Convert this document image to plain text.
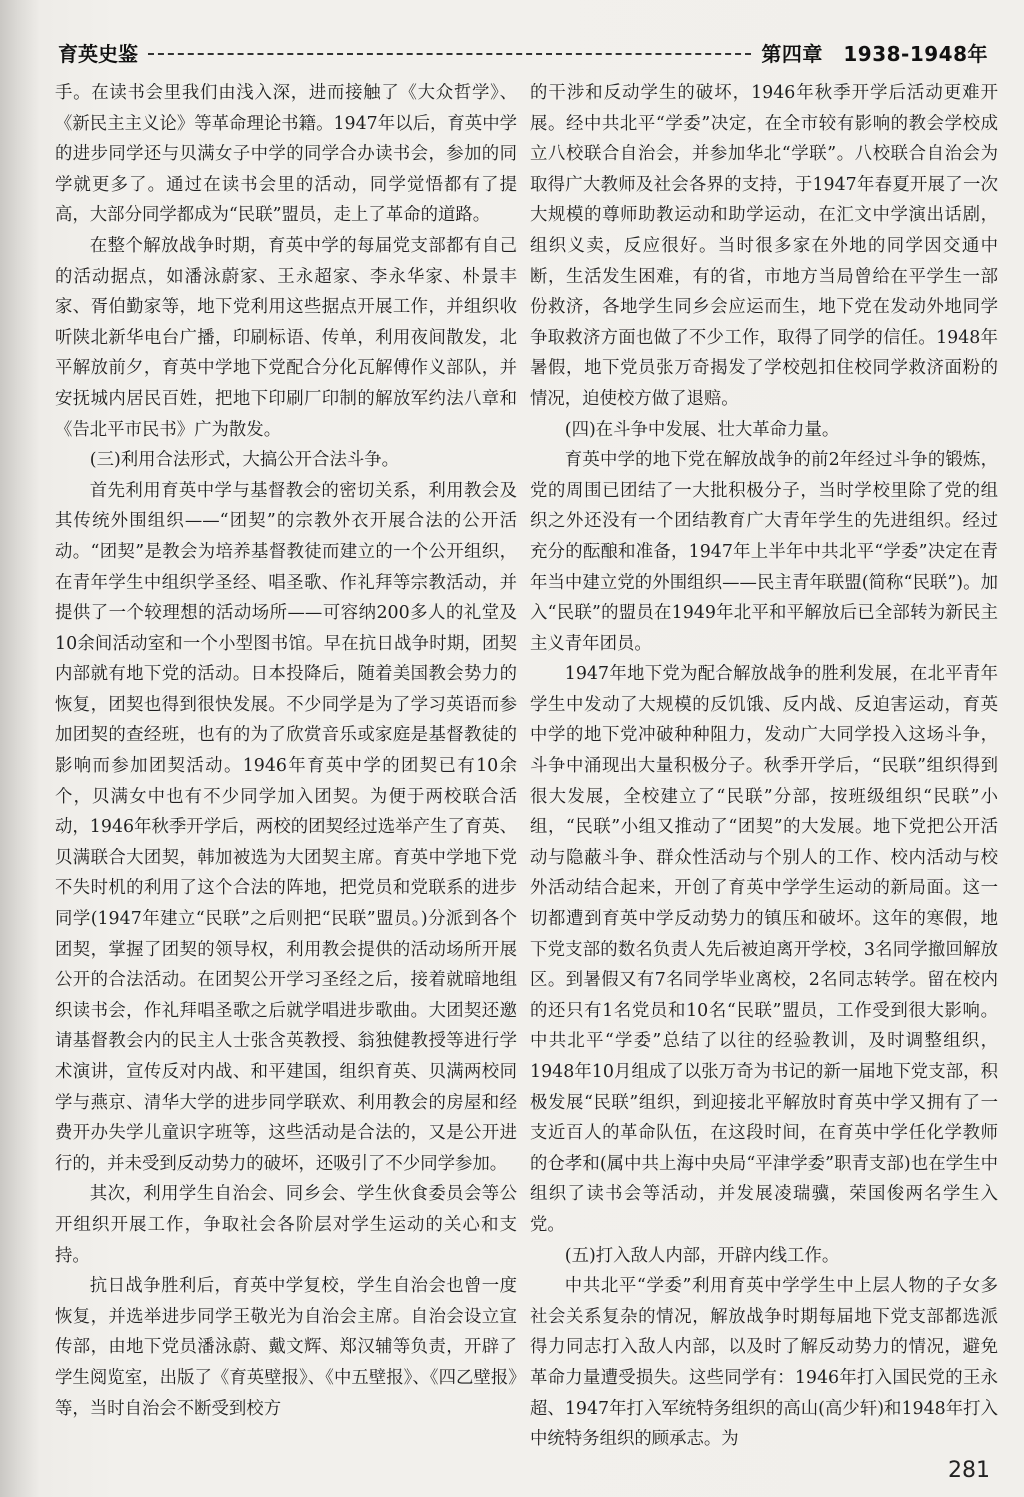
育英史鉴	第四章　1938-1948年

手。在读书会里我们由浅入深，进而接触了《大众哲学》、《新民主主义论》等革命理论书籍。1947年以后，育英中学的进步同学还与贝满女子中学的同学合办读书会，参加的同学就更多了。通过在读书会里的活动，同学觉悟都有了提高，大部分同学都成为“民联”盟员，走上了革命的道路。

在整个解放战争时期，育英中学的每届党支部都有自己的活动据点，如潘泳蔚家、王永超家、李永华家、朴景丰家、胥伯勤家等，地下党利用这些据点开展工作，并组织收听陕北新华电台广播，印刷标语、传单，利用夜间散发，北平解放前夕，育英中学地下党配合分化瓦解傅作义部队，并安抚城内居民百姓，把地下印刷厂印制的解放军约法八章和《告北平市民书》广为散发。

(三)利用合法形式，大搞公开合法斗争。

首先利用育英中学与基督教会的密切关系，利用教会及其传统外围组织——“团契”的宗教外衣开展合法的公开活动。“团契”是教会为培养基督教徒而建立的一个公开组织，在青年学生中组织学圣经、唱圣歌、作礼拜等宗教活动，并提供了一个较理想的活动场所——可容纳200多人的礼堂及10余间活动室和一个小型图书馆。早在抗日战争时期，团契内部就有地下党的活动。日本投降后，随着美国教会势力的恢复，团契也得到很快发展。不少同学是为了学习英语而参加团契的查经班，也有的为了欣赏音乐或家庭是基督教徒的影响而参加团契活动。1946年育英中学的团契已有10余个，贝满女中也有不少同学加入团契。为便于两校联合活动，1946年秋季开学后，两校的团契经过选举产生了育英、贝满联合大团契，韩加被选为大团契主席。育英中学地下党不失时机的利用了这个合法的阵地，把党员和党联系的进步同学(1947年建立“民联”之后则把“民联”盟员。)分派到各个团契，掌握了团契的领导权，利用教会提供的活动场所开展公开的合法活动。在团契公开学习圣经之后，接着就暗地组织读书会，作礼拜唱圣歌之后就学唱进步歌曲。大团契还邀请基督教会内的民主人士张含英教授、翁独健教授等进行学术演讲，宣传反对内战、和平建国，组织育英、贝满两校同学与燕京、清华大学的进步同学联欢、利用教会的房屋和经费开办失学儿童识字班等，这些活动是合法的，又是公开进行的，并未受到反动势力的破坏，还吸引了不少同学参加。

其次，利用学生自治会、同乡会、学生伙食委员会等公开组织开展工作，争取社会各阶层对学生运动的关心和支持。

抗日战争胜利后，育英中学复校，学生自治会也曾一度恢复，并选举进步同学王敬光为自治会主席。自治会设立宣传部，由地下党员潘泳蔚、戴文辉、郑汉辅等负责，开辟了学生阅览室，出版了《育英壁报》、《中五壁报》、《四乙壁报》等，当时自治会不断受到校方

的干涉和反动学生的破坏，1946年秋季开学后活动更难开展。经中共北平“学委”决定，在全市较有影响的教会学校成立八校联合自治会，并参加华北“学联”。八校联合自治会为取得广大教师及社会各界的支持，于1947年春夏开展了一次大规模的尊师助教运动和助学运动，在汇文中学演出话剧，组织义卖，反应很好。当时很多家在外地的同学因交通中断，生活发生困难，有的省，市地方当局曾给在平学生一部份救济，各地学生同乡会应运而生，地下党在发动外地同学争取救济方面也做了不少工作，取得了同学的信任。1948年暑假，地下党员张万奇揭发了学校剋扣住校同学救济面粉的情况，迫使校方做了退赔。

(四)在斗争中发展、壮大革命力量。

育英中学的地下党在解放战争的前2年经过斗争的锻炼，党的周围已团结了一大批积极分子，当时学校里除了党的组织之外还没有一个团结教育广大青年学生的先进组织。经过充分的酝酿和准备，1947年上半年中共北平“学委”决定在青年当中建立党的外围组织——民主青年联盟(简称“民联”)。加入“民联”的盟员在1949年北平和平解放后已全部转为新民主主义青年团员。

1947年地下党为配合解放战争的胜利发展，在北平青年学生中发动了大规模的反饥饿、反内战、反迫害运动，育英中学的地下党冲破种种阻力，发动广大同学投入这场斗争，斗争中涌现出大量积极分子。秋季开学后，“民联”组织得到很大发展，全校建立了“民联”分部，按班级组织“民联”小组，“民联”小组又推动了“团契”的大发展。地下党把公开活动与隐蔽斗争、群众性活动与个别人的工作、校内活动与校外活动结合起来，开创了育英中学学生运动的新局面。这一切都遭到育英中学反动势力的镇压和破坏。这年的寒假，地下党支部的数名负责人先后被迫离开学校，3名同学撤回解放区。到暑假又有7名同学毕业离校，2名同志转学。留在校内的还只有1名党员和10名“民联”盟员，工作受到很大影响。中共北平“学委”总结了以往的经验教训，及时调整组织，1948年10月组成了以张万奇为书记的新一届地下党支部，积极发展“民联”组织，到迎接北平解放时育英中学又拥有了一支近百人的革命队伍，在这段时间，在育英中学任化学教师的仓孝和(属中共上海中央局“平津学委”职青支部)也在学生中组织了读书会等活动，并发展凌瑞骥，荣国俊两名学生入党。

(五)打入敌人内部，开辟内线工作。

中共北平“学委”利用育英中学学生中上层人物的子女多社会关系复杂的情况，解放战争时期每届地下党支部都选派得力同志打入敌人内部，以及时了解反动势力的情况，避免革命力量遭受损失。这些同学有：1946年打入国民党的王永超、1947年打入军统特务组织的高山(高少轩)和1948年打入中统特务组织的顾承志。为

281
